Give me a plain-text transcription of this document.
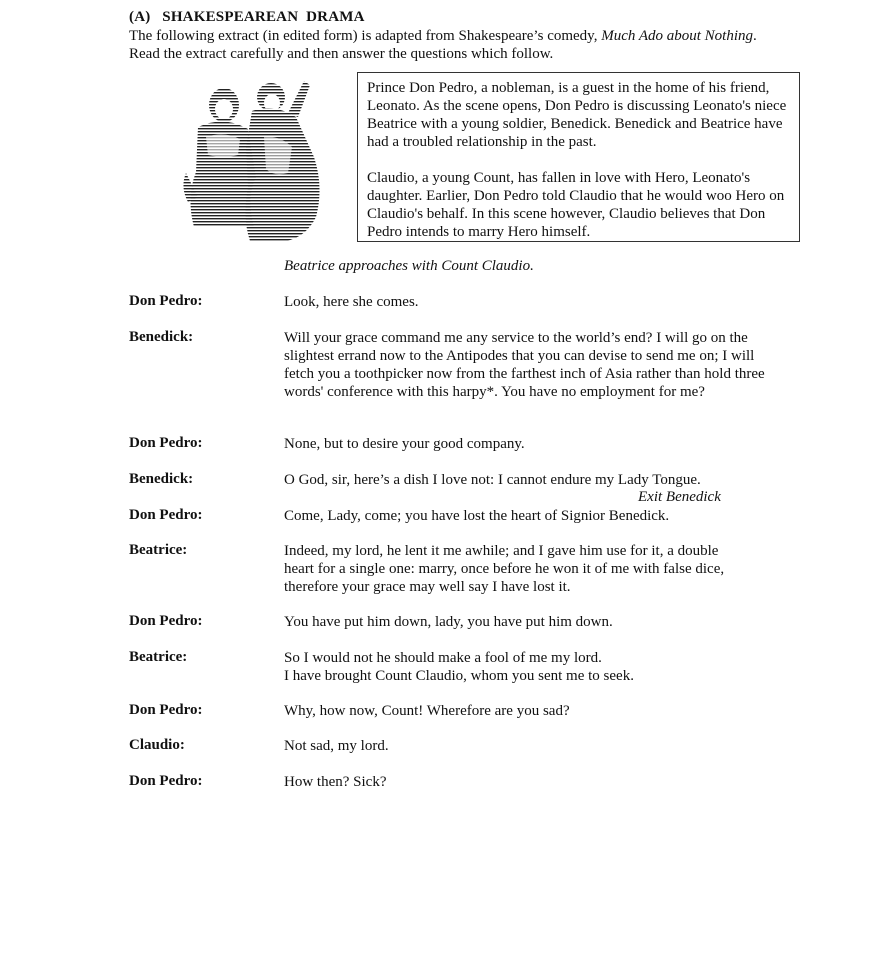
(A)   SHAKESPEAREAN  DRAMA
The following extract (in edited form) is adapted from Shakespeare’s comedy, Much Ado about Nothing. Read the extract carefully and then answer the questions which follow.

Prince Don Pedro, a nobleman, is a guest in the home of his friend, Leonato. As the scene opens, Don Pedro is discussing Leonato's niece Beatrice with a young soldier, Benedick. Benedick and Beatrice have had a troubled relationship in the past.

Claudio, a young Count, has fallen in love with Hero, Leonato's daughter. Earlier, Don Pedro told Claudio that he would woo Hero on Claudio's behalf. In this scene however, Claudio believes that Don Pedro intends to marry Hero himself.

Beatrice approaches with Count Claudio.
Don Pedro:	Look, here she comes.
Benedick:	Will your grace command me any service to the world’s end? I will go on the slightest errand now to the Antipodes that you can devise to send me on; I will fetch you a toothpicker now from the farthest inch of Asia rather than hold three words' conference with this harpy*. You have no employment for me?
Don Pedro:	None, but to desire your good company.
Benedick:	O God, sir, here’s a dish I love not: I cannot endure my Lady Tongue.
Exit Benedick
Don Pedro:	Come, Lady, come; you have lost the heart of Signior Benedick.
Beatrice:	Indeed, my lord, he lent it me awhile; and I gave him use for it, a double heart for a single one: marry, once before he won it of me with false dice, therefore your grace may well say I have lost it.
Don Pedro:	You have put him down, lady, you have put him down.
Beatrice:	So I would not he should make a fool of me my lord.
I have brought Count Claudio, whom you sent me to seek.
Don Pedro:	Why, how now, Count! Wherefore are you sad?
Claudio:	Not sad, my lord.
Don Pedro:	How then? Sick?
